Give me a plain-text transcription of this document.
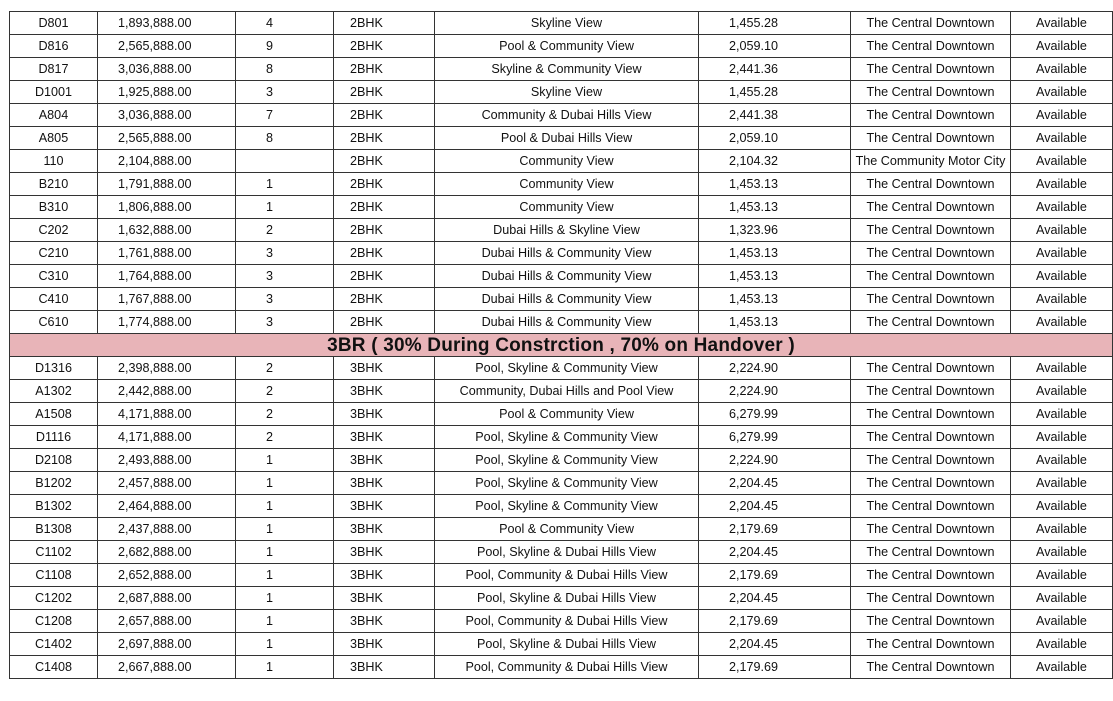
D801	1,893,888.00	4	2BHK	Skyline View	1,455.28	The Central Downtown	Available
D816	2,565,888.00	9	2BHK	Pool & Community View	2,059.10	The Central Downtown	Available
D817	3,036,888.00	8	2BHK	Skyline & Community View	2,441.36	The Central Downtown	Available
D1001	1,925,888.00	3	2BHK	Skyline View	1,455.28	The Central Downtown	Available
A804	3,036,888.00	7	2BHK	Community & Dubai Hills View	2,441.38	The Central Downtown	Available
A805	2,565,888.00	8	2BHK	Pool & Dubai Hills View	2,059.10	The Central Downtown	Available
110	2,104,888.00		2BHK	Community View	2,104.32	The Community Motor City	Available
B210	1,791,888.00	1	2BHK	Community View	1,453.13	The Central Downtown	Available
B310	1,806,888.00	1	2BHK	Community View	1,453.13	The Central Downtown	Available
C202	1,632,888.00	2	2BHK	Dubai Hills & Skyline View	1,323.96	The Central Downtown	Available
C210	1,761,888.00	3	2BHK	Dubai Hills & Community View	1,453.13	The Central Downtown	Available
C310	1,764,888.00	3	2BHK	Dubai Hills & Community View	1,453.13	The Central Downtown	Available
C410	1,767,888.00	3	2BHK	Dubai Hills & Community View	1,453.13	The Central Downtown	Available
C610	1,774,888.00	3	2BHK	Dubai Hills & Community View	1,453.13	The Central Downtown	Available
3BR ( 30% During Constrction , 70% on Handover )							
D1316	2,398,888.00	2	3BHK	Pool, Skyline & Community View	2,224.90	The Central Downtown	Available
A1302	2,442,888.00	2	3BHK	Community, Dubai Hills and Pool View	2,224.90	The Central Downtown	Available
A1508	4,171,888.00	2	3BHK	Pool & Community View	6,279.99	The Central Downtown	Available
D1116	4,171,888.00	2	3BHK	Pool, Skyline & Community View	6,279.99	The Central Downtown	Available
D2108	2,493,888.00	1	3BHK	Pool, Skyline & Community View	2,224.90	The Central Downtown	Available
B1202	2,457,888.00	1	3BHK	Pool, Skyline & Community View	2,204.45	The Central Downtown	Available
B1302	2,464,888.00	1	3BHK	Pool, Skyline & Community View	2,204.45	The Central Downtown	Available
B1308	2,437,888.00	1	3BHK	Pool & Community View	2,179.69	The Central Downtown	Available
C1102	2,682,888.00	1	3BHK	Pool, Skyline & Dubai Hills View	2,204.45	The Central Downtown	Available
C1108	2,652,888.00	1	3BHK	Pool, Community & Dubai Hills View	2,179.69	The Central Downtown	Available
C1202	2,687,888.00	1	3BHK	Pool, Skyline & Dubai Hills View	2,204.45	The Central Downtown	Available
C1208	2,657,888.00	1	3BHK	Pool, Community & Dubai Hills View	2,179.69	The Central Downtown	Available
C1402	2,697,888.00	1	3BHK	Pool, Skyline & Dubai Hills View	2,204.45	The Central Downtown	Available
C1408	2,667,888.00	1	3BHK	Pool, Community & Dubai Hills View	2,179.69	The Central Downtown	Available
